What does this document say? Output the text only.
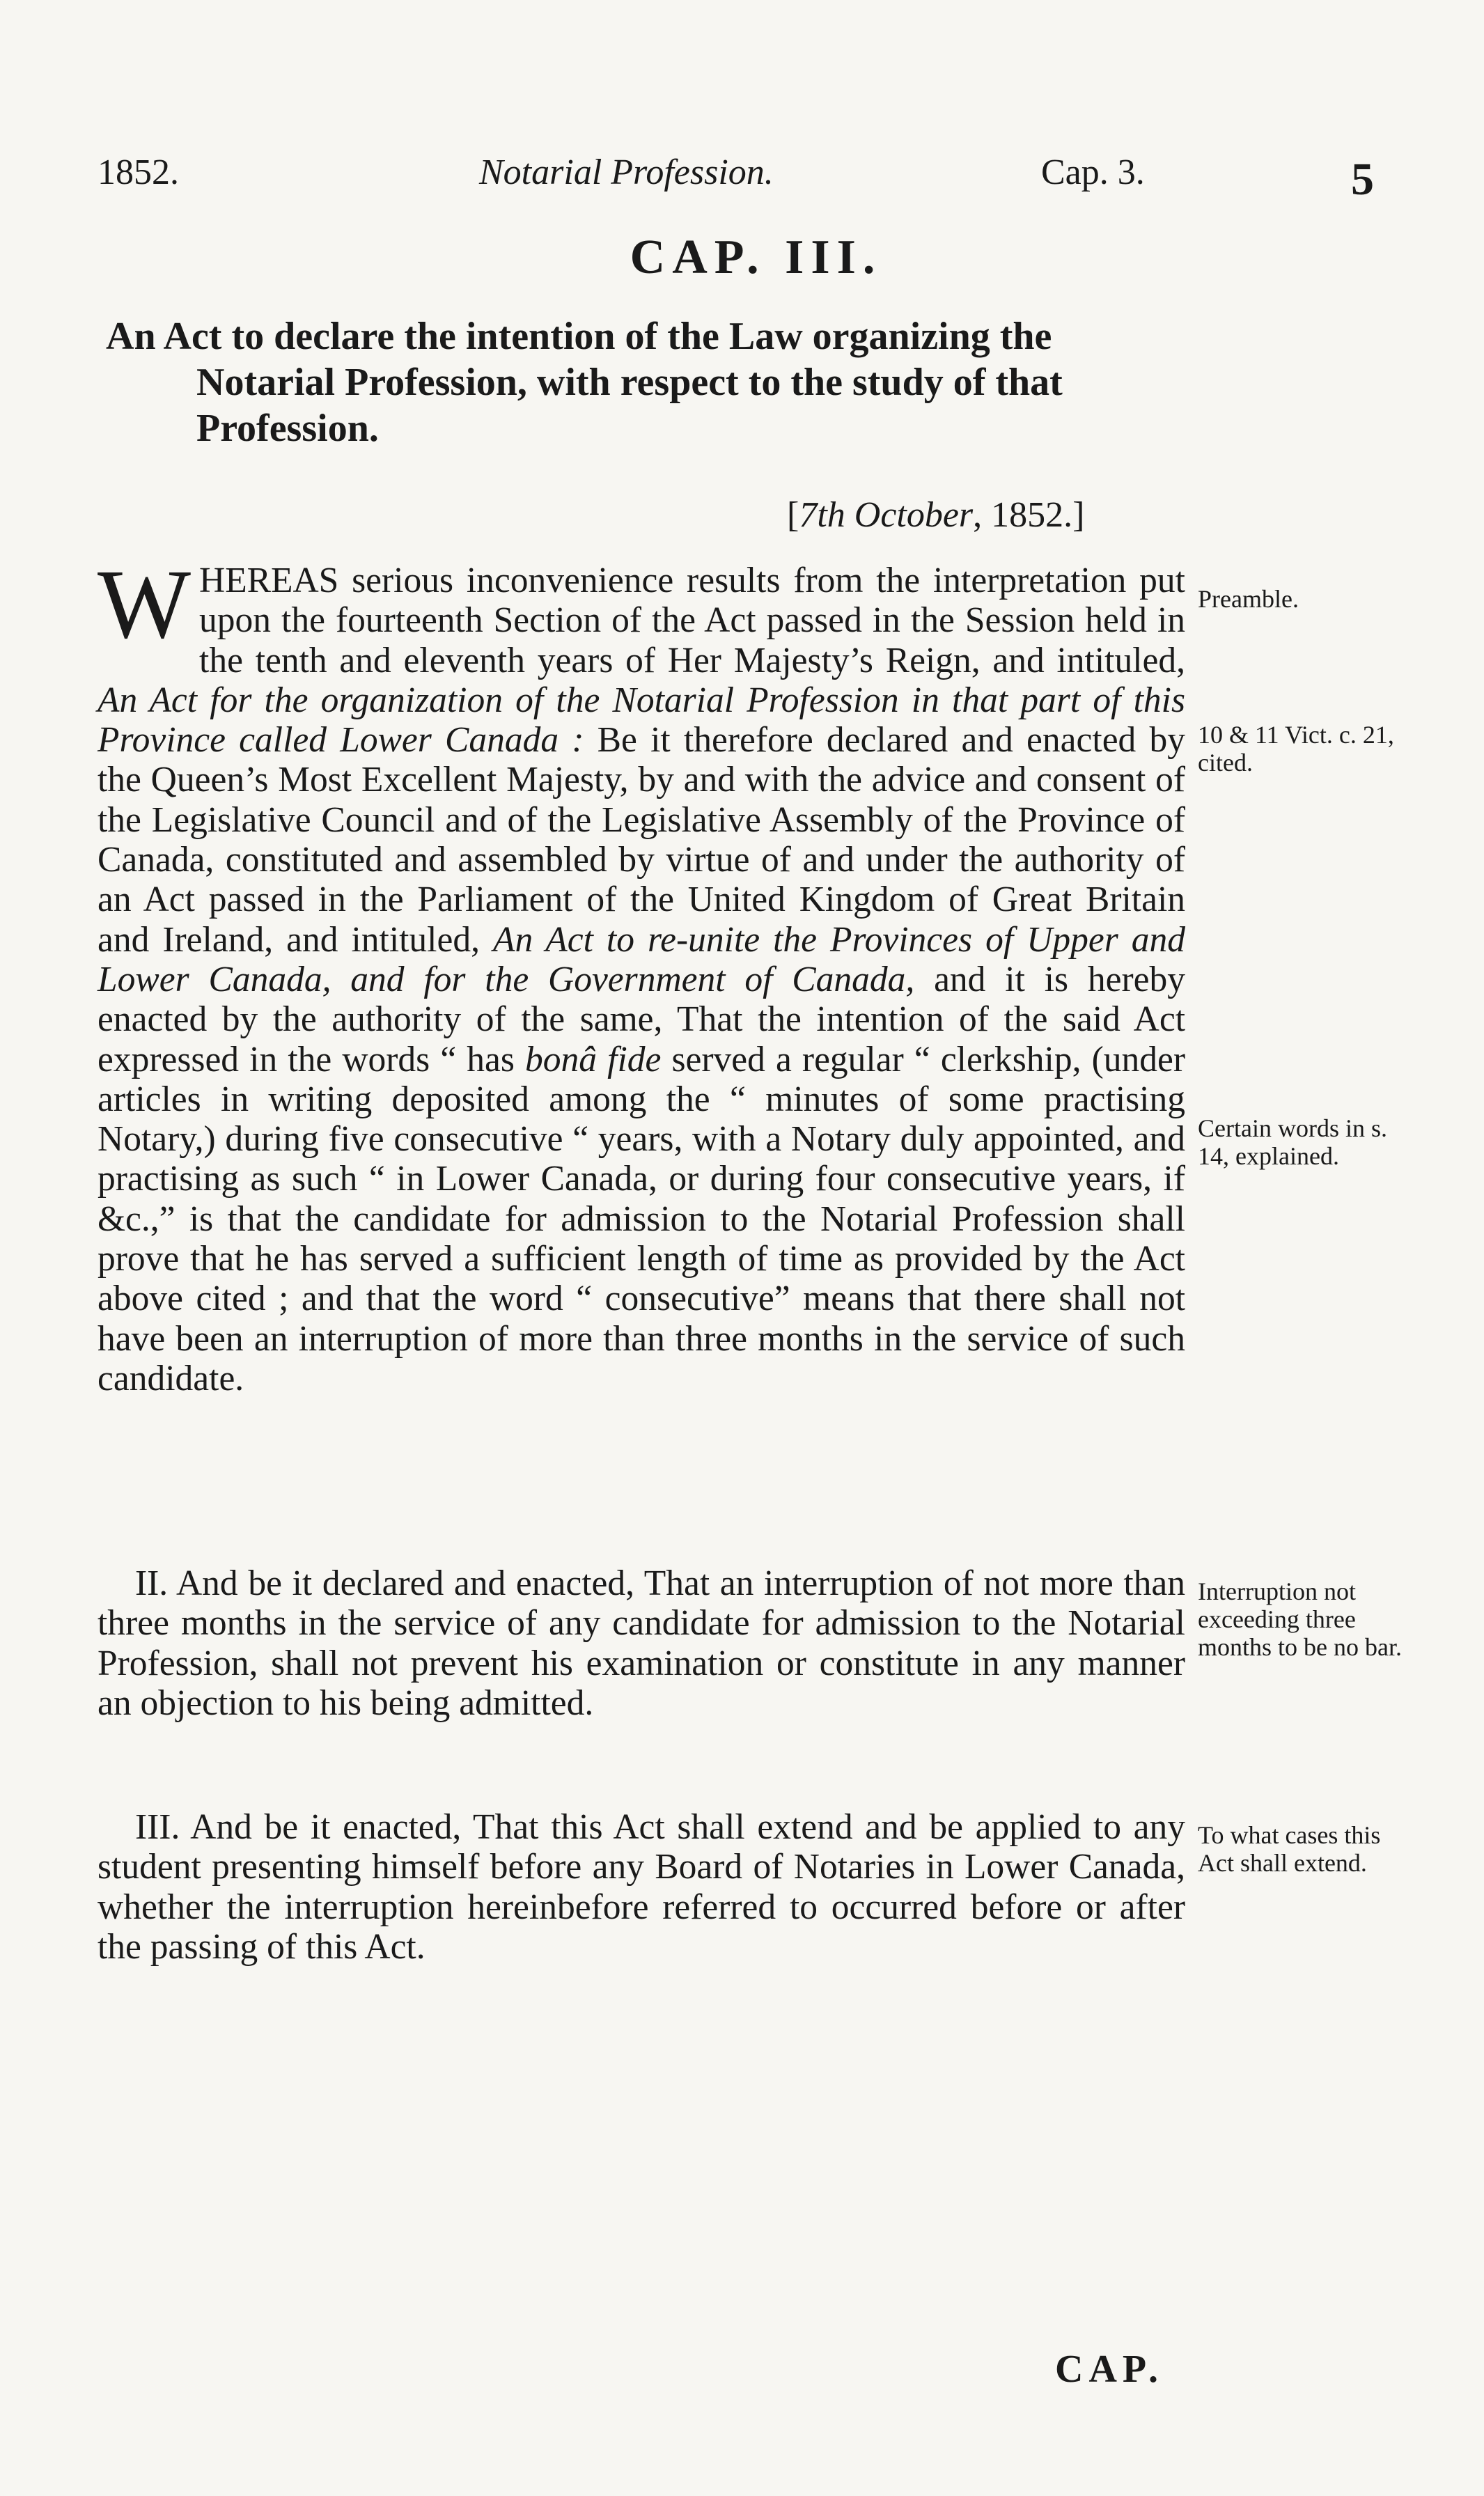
1852.	Notarial Profession.	Cap. 3.	5
CAP. III.
An Act to declare the intention of the Law organizing the Notarial Profession, with respect to the study of that Profession.
[7th October, 1852.]
WHEREAS serious inconvenience results from the interpretation put upon the fourteenth Section of the Act passed in the Session held in the tenth and eleventh years of Her Majesty’s Reign, and intituled, An Act for the organization of the Notarial Profession in that part of this Province called Lower Canada : Be it therefore declared and enacted by the Queen’s Most Excellent Majesty, by and with the advice and consent of the Legislative Council and of the Legislative Assembly of the Province of Canada, constituted and assembled by virtue of and under the authority of an Act passed in the Parliament of the United Kingdom of Great Britain and Ireland, and intituled, An Act to re-unite the Provinces of Upper and Lower Canada, and for the Government of Canada, and it is hereby enacted by the authority of the same, That the intention of the said Act expressed in the words “ has bonâ fide served a regular “ clerkship, (under articles in writing deposited among the “ minutes of some practising Notary,) during five consecutive “ years, with a Notary duly appointed, and practising as such “ in Lower Canada, or during four consecutive years, if &c.,” is that the candidate for admission to the Notarial Profession shall prove that he has served a sufficient length of time as provided by the Act above cited ; and that the word “ consecutive” means that there shall not have been an interruption of more than three months in the service of such candidate.
II. And be it declared and enacted, That an interruption of not more than three months in the service of any candidate for admission to the Notarial Profession, shall not prevent his examination or constitute in any manner an objection to his being admitted.
III. And be it enacted, That this Act shall extend and be applied to any student presenting himself before any Board of Notaries in Lower Canada, whether the interruption hereinbefore referred to occurred before or after the passing of this Act.
Preamble.
10 & 11 Vict. c. 21, cited.
Certain words in s. 14, explained.
Interruption not exceeding three months to be no bar.
To what cases this Act shall extend.
CAP.
